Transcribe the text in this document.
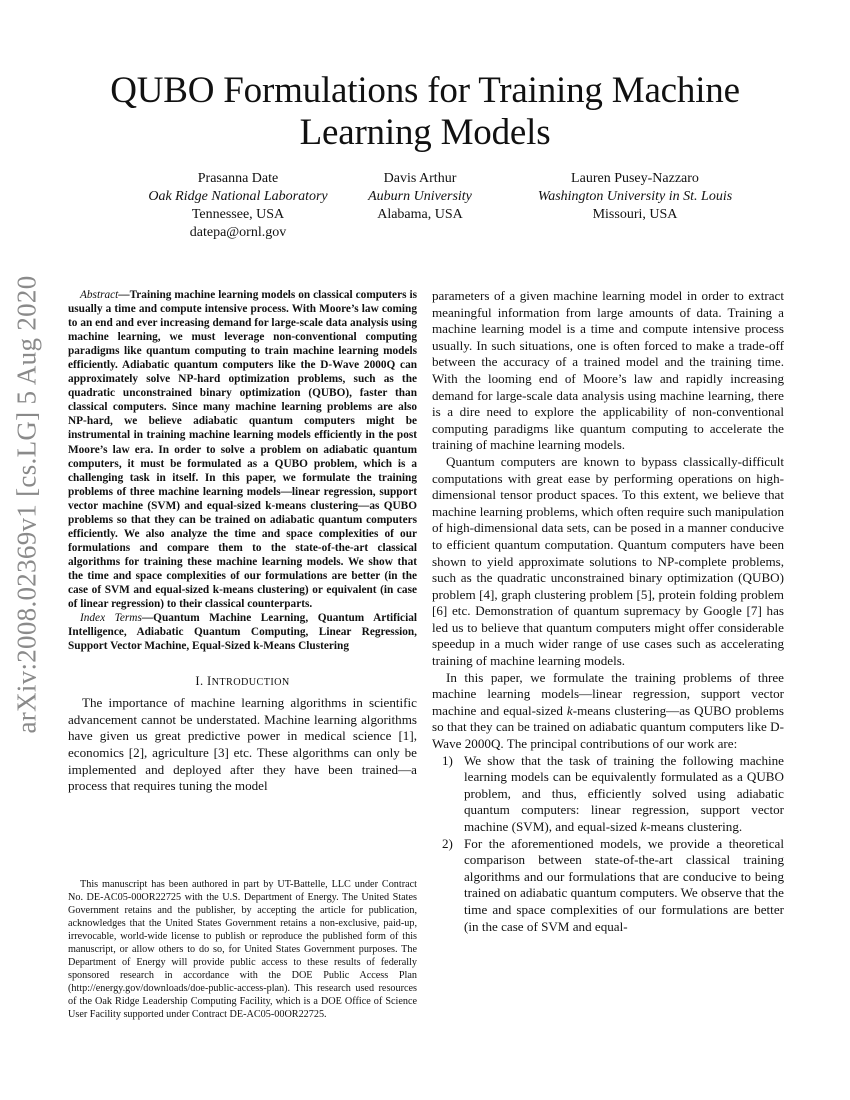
QUBO Formulations for Training Machine Learning Models
Prasanna Date
Oak Ridge National Laboratory
Tennessee, USA
datepa@ornl.gov
Davis Arthur
Auburn University
Alabama, USA
Lauren Pusey-Nazzaro
Washington University in St. Louis
Missouri, USA
arXiv:2008.02369v1 [cs.LG] 5 Aug 2020	Abstract—Training machine learning models on classical computers is usually a time and compute intensive process. With Moore’s law coming to an end and ever increasing demand for large-scale data analysis using machine learning, we must leverage non-conventional computing paradigms like quantum computing to train machine learning models efficiently. Adiabatic quantum computers like the D-Wave 2000Q can approximately solve NP-hard optimization problems, such as the quadratic unconstrained binary optimization (QUBO), faster than classical computers. Since many machine learning problems are also NP-hard, we believe adiabatic quantum computers might be instrumental in training machine learning models efficiently in the post Moore’s law era. In order to solve a problem on adiabatic quantum computers, it must be formulated as a QUBO problem, which is a challenging task in itself. In this paper, we formulate the training problems of three machine learning models—linear regression, support vector machine (SVM) and equal-sized k-means clustering—as QUBO problems so that they can be trained on adiabatic quantum computers efficiently. We also analyze the time and space complexities of our formulations and compare them to the state-of-the-art classical algorithms for training these machine learning models. We show that the time and space complexities of our formulations are better (in the case of SVM and equal-sized k-means clustering) or equivalent (in case of linear regression) to their classical counterparts.

Index Terms—Quantum Machine Learning, Quantum Artificial Intelligence, Adiabatic Quantum Computing, Linear Regression, Support Vector Machine, Equal-Sized k-Means Clustering

I. INTRODUCTION

The importance of machine learning algorithms in scientific advancement cannot be understated. Machine learning algorithms have given us great predictive power in medical science [1], economics [2], agriculture [3] etc. These algorithms can only be implemented and deployed after they have been trained—a process that requires tuning the model

This manuscript has been authored in part by UT-Battelle, LLC under Contract No. DE-AC05-00OR22725 with the U.S. Department of Energy. The United States Government retains and the publisher, by accepting the article for publication, acknowledges that the United States Government retains a non-exclusive, paid-up, irrevocable, world-wide license to publish or reproduce the published form of this manuscript, or allow others to do so, for United States Government purposes. The Department of Energy will provide public access to these results of federally sponsored research in accordance with the DOE Public Access Plan (http://energy.gov/downloads/doe-public-access-plan). This research used resources of the Oak Ridge Leadership Computing Facility, which is a DOE Office of Science User Facility supported under Contract DE-AC05-00OR22725.

parameters of a given machine learning model in order to extract meaningful information from large amounts of data. Training a machine learning model is a time and compute intensive process usually. In such situations, one is often forced to make a trade-off between the accuracy of a trained model and the training time. With the looming end of Moore’s law and rapidly increasing demand for large-scale data analysis using machine learning, there is a dire need to explore the applicability of non-conventional computing paradigms like quantum computing to accelerate the training of machine learning models.

Quantum computers are known to bypass classically-difficult computations with great ease by performing operations on high-dimensional tensor product spaces. To this extent, we believe that machine learning problems, which often require such manipulation of high-dimensional data sets, can be posed in a manner conducive to efficient quantum computation. Quantum computers have been shown to yield approximate solutions to NP-complete problems, such as the quadratic unconstrained binary optimization (QUBO) problem [4], graph clustering problem [5], protein folding problem [6] etc. Demonstration of quantum supremacy by Google [7] has led us to believe that quantum computers might offer considerable speedup in a much wider range of use cases such as accelerating training of machine learning models.

In this paper, we formulate the training problems of three machine learning models—linear regression, support vector machine and equal-sized k-means clustering—as QUBO problems so that they can be trained on adiabatic quantum computers like D-Wave 2000Q. The principal contributions of our work are:

1) We show that the task of training the following machine learning models can be equivalently formulated as a QUBO problem, and thus, efficiently solved using adiabatic quantum computers: linear regression, support vector machine (SVM), and equal-sized k-means clustering.
2) For the aforementioned models, we provide a theoretical comparison between state-of-the-art classical training algorithms and our formulations that are conducive to being trained on adiabatic quantum computers. We observe that the time and space complexities of our formulations are better (in the case of SVM and equal-
